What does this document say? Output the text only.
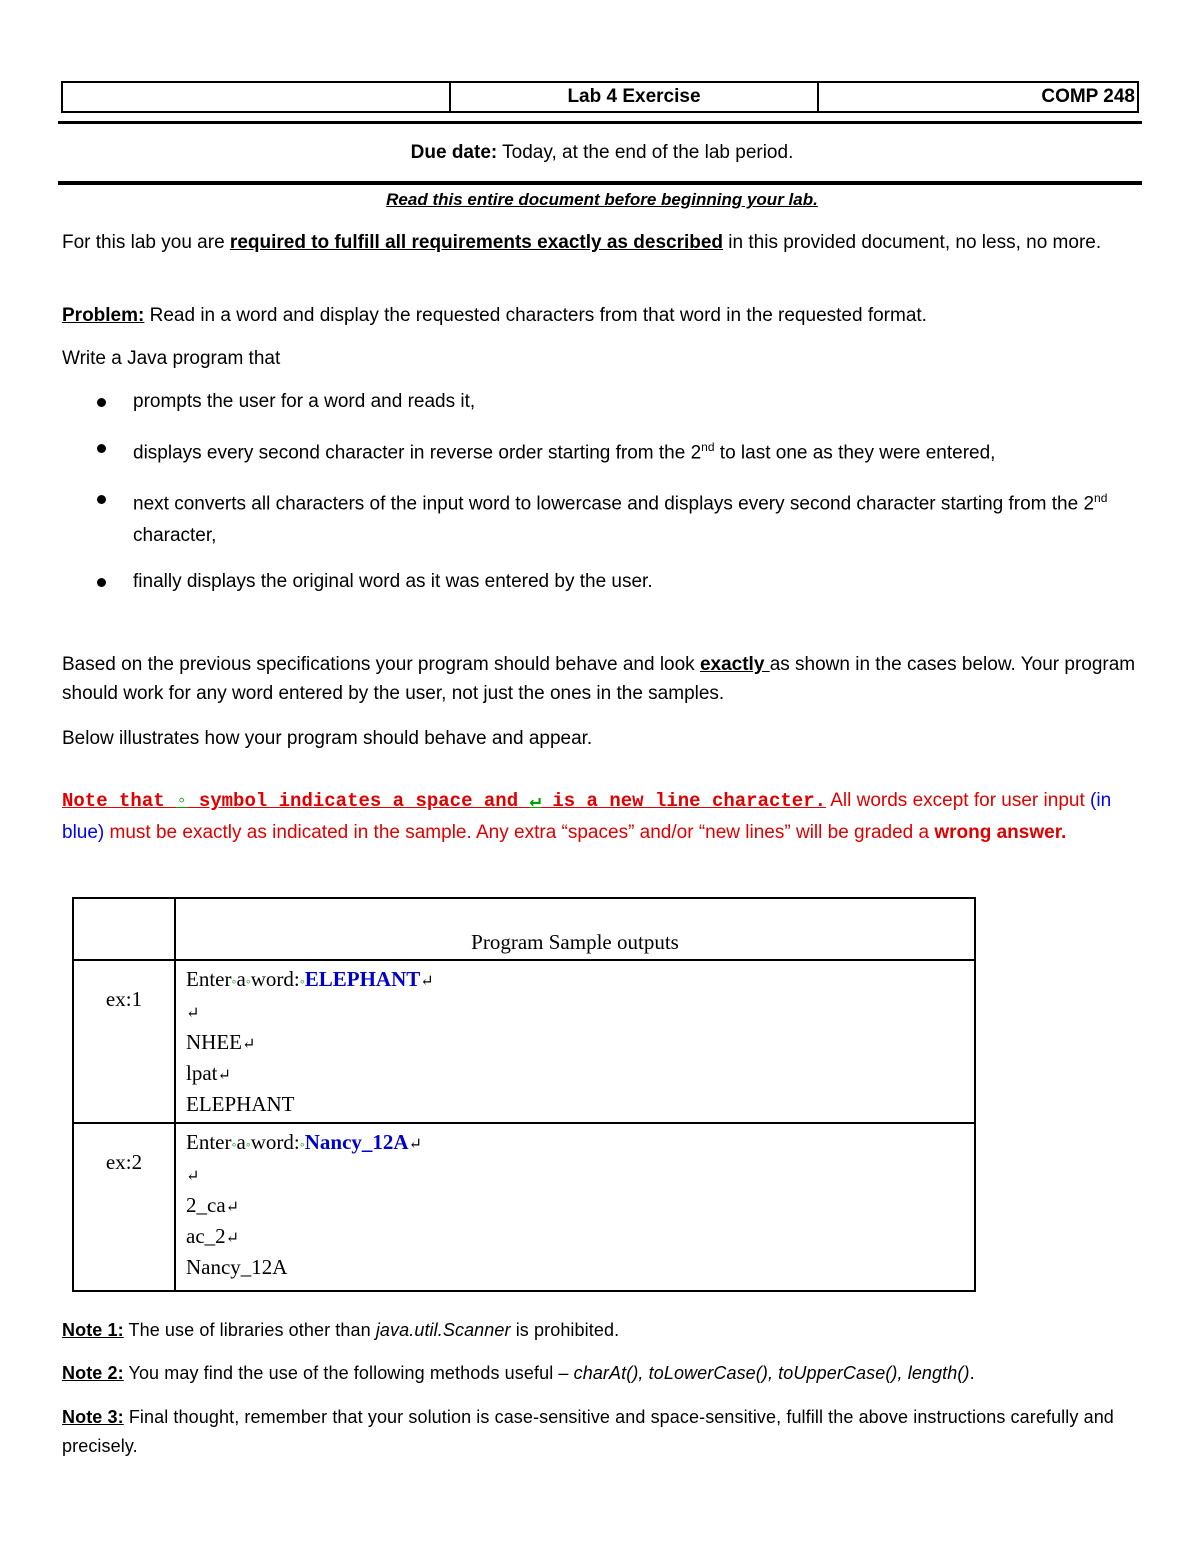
Lab 4 Exercise	COMP 248
Due date: Today, at the end of the lab period.
Read this entire document before beginning your lab.
For this lab you are required to fulfill all requirements exactly as described in this provided document, no less, no more.
Problem: Read in a word and display the requested characters from that word in the requested format.
Write a Java program that
prompts the user for a word and reads it,
displays every second character in reverse order starting from the 2nd to last one as they were entered,
next converts all characters of the input word to lowercase and displays every second character starting from the 2nd character,
finally displays the original word as it was entered by the user.
Based on the previous specifications your program should behave and look exactly as shown in the cases below. Your program should work for any word entered by the user, not just the ones in the samples.
Below illustrates how your program should behave and appear.
Note that ◦ symbol indicates a space and ↵ is a new line character. All words except for user input (in blue) must be exactly as indicated in the sample. Any extra “spaces” and/or “new lines” will be graded a wrong answer.
	Program Sample outputs
ex:1	Enter◦a◦word:◦ELEPHANT↵
↵
NHEE↵
lpat↵
ELEPHANT

ex:2	Enter◦a◦word:◦Nancy_12A↵
↵
2_ca↵
ac_2↵
Nancy_12A
Note 1: The use of libraries other than java.util.Scanner is prohibited.
Note 2: You may find the use of the following methods useful – charAt(), toLowerCase(), toUpperCase(), length().
Note 3: Final thought, remember that your solution is case-sensitive and space-sensitive, fulfill the above instructions carefully and precisely.
